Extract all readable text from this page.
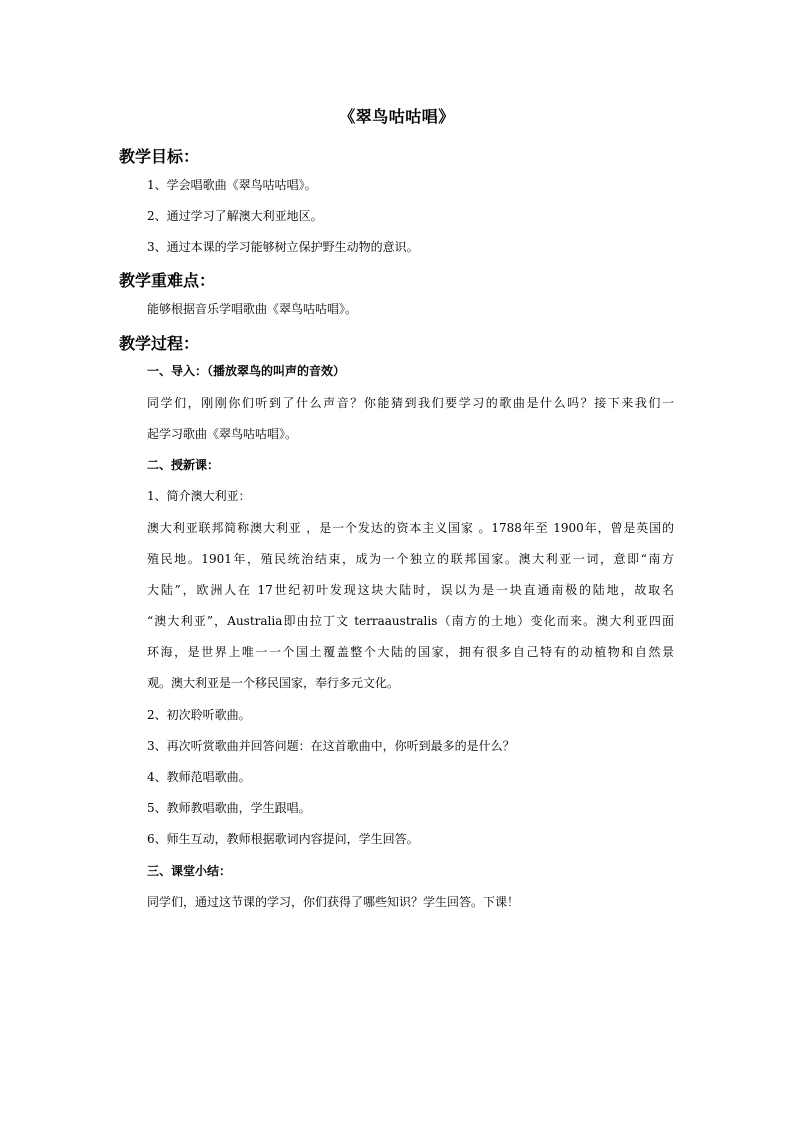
《翠鸟咕咕唱》
教学目标：
1、学会唱歌曲《翠鸟咕咕唱》。
2、通过学习了解澳大利亚地区。
3、通过本课的学习能够树立保护野生动物的意识。
教学重难点：
能够根据音乐学唱歌曲《翠鸟咕咕唱》。
教学过程：
一、导入：（播放翠鸟的叫声的音效）
同学们，刚刚你们听到了什么声音？你能猜到我们要学习的歌曲是什么吗？接下来我们一
起学习歌曲《翠鸟咕咕唱》。
二、授新课：
1、简介澳大利亚：
澳大利亚联邦简称澳大利亚 ，是一个发达的资本主义国家 。1788年至 1900年，曾是英国的
殖民地。1901年，殖民统治结束，成为一个独立的联邦国家。澳大利亚一词，意即“南方
大陆”，欧洲人在 17世纪初叶发现这块大陆时，误以为是一块直通南极的陆地，故取名
“澳大利亚”，Australia即由拉丁文 terraaustralis（南方的土地）变化而来。澳大利亚四面
环海，是世界上唯一一个国土覆盖整个大陆的国家，拥有很多自己特有的动植物和自然景
观。澳大利亚是一个移民国家，奉行多元文化。
2、初次聆听歌曲。
3、再次听赏歌曲并回答问题：在这首歌曲中，你听到最多的是什么？
4、教师范唱歌曲。
5、教师教唱歌曲，学生跟唱。
6、师生互动，教师根据歌词内容提问，学生回答。
三、课堂小结：
同学们，通过这节课的学习，你们获得了哪些知识？学生回答。下课！
